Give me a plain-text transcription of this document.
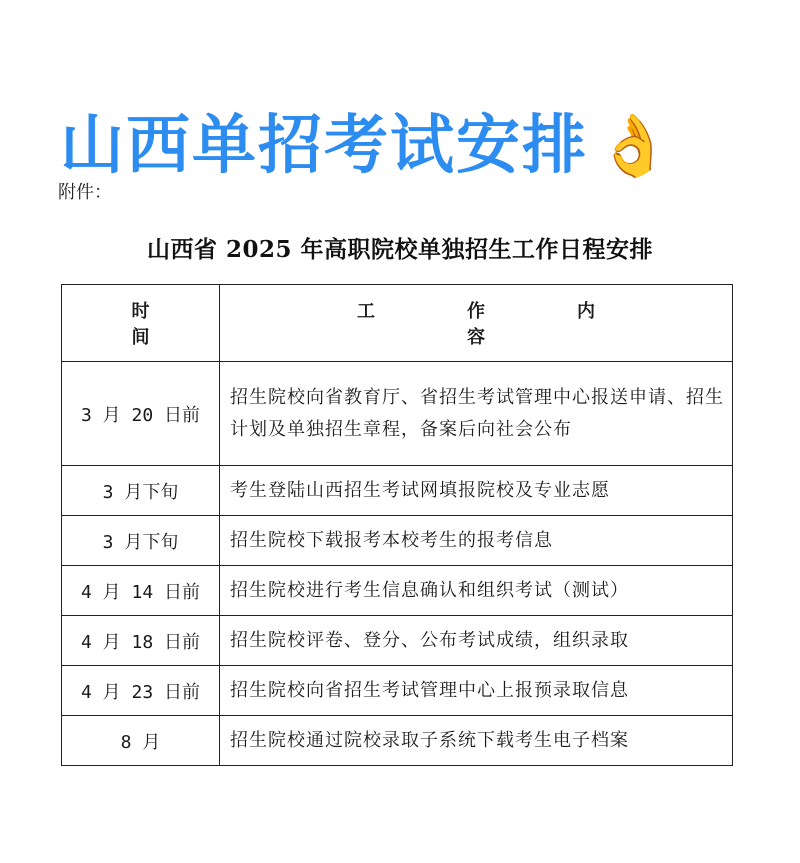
山西单招考试安排 👌
附件：
山西省 2025 年高职院校单独招生工作日程安排
时间	工作内容
3 月 20 日前	招生院校向省教育厅、省招生考试管理中心报送申请、招生计划及单独招生章程，备案后向社会公布
3 月下旬	考生登陆山西招生考试网填报院校及专业志愿
3 月下旬	招生院校下载报考本校考生的报考信息
4 月 14 日前	招生院校进行考生信息确认和组织考试（测试）
4 月 18 日前	招生院校评卷、登分、公布考试成绩，组织录取
4 月 23 日前	招生院校向省招生考试管理中心上报预录取信息
8 月	招生院校通过院校录取子系统下载考生电子档案
